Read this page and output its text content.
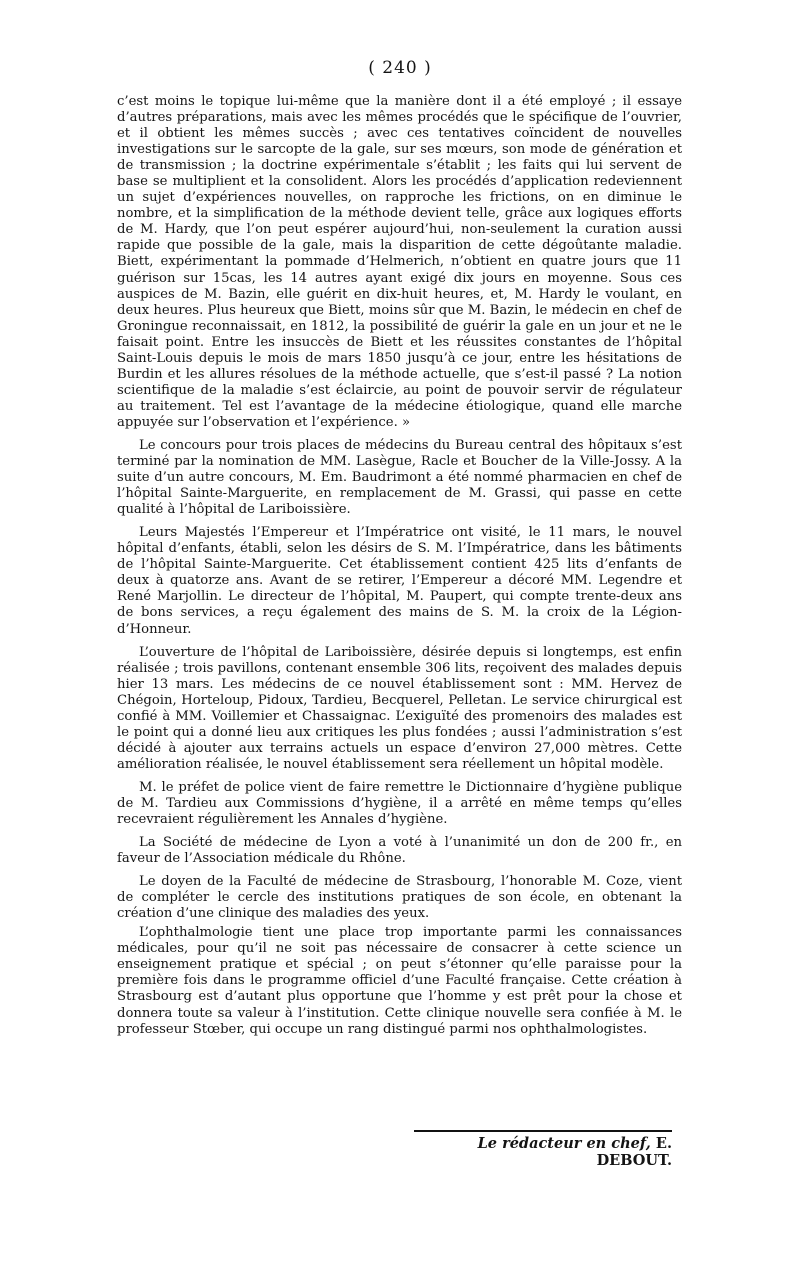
( 240 )

c’est moins le topique lui-même que la manière dont il a été employé ; il essaye d’autres préparations, mais avec les mêmes procédés que le spécifique de l’ouvrier, et il obtient les mêmes succès ; avec ces tentatives coïncident de nouvelles investigations sur le sarcopte de la gale, sur ses mœurs, son mode de génération et de transmission ; la doctrine expérimentale s’établit ; les faits qui lui servent de base se multiplient et la consolident. Alors les procédés d’application redeviennent un sujet d’expériences nouvelles, on rapproche les frictions, on en diminue le nombre, et la simplification de la méthode devient telle, grâce aux logiques efforts de M. Hardy, que l’on peut espérer aujourd’hui, non-seulement la curation aussi rapide que possible de la gale, mais la disparition de cette dégoûtante maladie. Biett, expérimentant la pommade d’Helmerich, n’obtient en quatre jours que 11 guérison sur 15cas, les 14 autres ayant exigé dix jours en moyenne. Sous ces auspices de M. Bazin, elle guérit en dix-huit heures, et, M. Hardy le voulant, en deux heures. Plus heureux que Biett, moins sûr que M. Bazin, le médecin en chef de Groningue reconnaissait, en 1812, la possibilité de guérir la gale en un jour et ne le faisait point. Entre les insuccès de Biett et les réussites constantes de l’hôpital Saint-Louis depuis le mois de mars 1850 jusqu’à ce jour, entre les hésitations de Burdin et les allures résolues de la méthode actuelle, que s’est-il passé ? La notion scientifique de la maladie s’est éclaircie, au point de pouvoir servir de régulateur au traitement. Tel est l’avantage de la médecine étiologique, quand elle marche appuyée sur l’observation et l’expérience. »

Le concours pour trois places de médecins du Bureau central des hôpitaux s’est terminé par la nomination de MM. Lasègue, Racle et Boucher de la Ville-Jossy. A la suite d’un autre concours, M. Em. Baudrimont a été nommé pharmacien en chef de l’hôpital Sainte-Marguerite, en remplacement de M. Grassi, qui passe en cette qualité à l’hôpital de Lariboissière.

Leurs Majestés l’Empereur et l’Impératrice ont visité, le 11 mars, le nouvel hôpital d’enfants, établi, selon les désirs de S. M. l’Impératrice, dans les bâtiments de l’hôpital Sainte-Marguerite. Cet établissement contient 425 lits d’enfants de deux à quatorze ans. Avant de se retirer, l’Empereur a décoré MM. Legendre et René Marjollin. Le directeur de l’hôpital, M. Paupert, qui compte trente-deux ans de bons services, a reçu également des mains de S. M. la croix de la Légion-d’Honneur.

L’ouverture de l’hôpital de Lariboissière, désirée depuis si longtemps, est enfin réalisée ; trois pavillons, contenant ensemble 306 lits, reçoivent des malades depuis hier 13 mars. Les médecins de ce nouvel établissement sont : MM. Hervez de Chégoin, Horteloup, Pidoux, Tardieu, Becquerel, Pelletan. Le service chirurgical est confié à MM. Voillemier et Chassaignac. L’exiguïté des promenoirs des malades est le point qui a donné lieu aux critiques les plus fondées ; aussi l’administration s’est décidé à ajouter aux terrains actuels un espace d’environ 27,000 mètres. Cette amélioration réalisée, le nouvel établissement sera réellement un hôpital modèle.

M. le préfet de police vient de faire remettre le Dictionnaire d’hygiène publique de M. Tardieu aux Commissions d’hygiène, il a arrêté en même temps qu’elles recevraient régulièrement les Annales d’hygiène.

La Société de médecine de Lyon a voté à l’unanimité un don de 200 fr., en faveur de l’Association médicale du Rhône.

Le doyen de la Faculté de médecine de Strasbourg, l’honorable M. Coze, vient de compléter le cercle des institutions pratiques de son école, en obtenant la création d’une clinique des maladies des yeux.

L’ophthalmologie tient une place trop importante parmi les connaissances médicales, pour qu’il ne soit pas nécessaire de consacrer à cette science un enseignement pratique et spécial ; on peut s’étonner qu’elle paraisse pour la première fois dans le programme officiel d’une Faculté française. Cette création à Strasbourg est d’autant plus opportune que l’homme y est prêt pour la chose et donnera toute sa valeur à l’institution. Cette clinique nouvelle sera confiée à M. le professeur Stœber, qui occupe un rang distingué parmi nos ophthalmologistes.

Le rédacteur en chef, E. DEBOUT.
